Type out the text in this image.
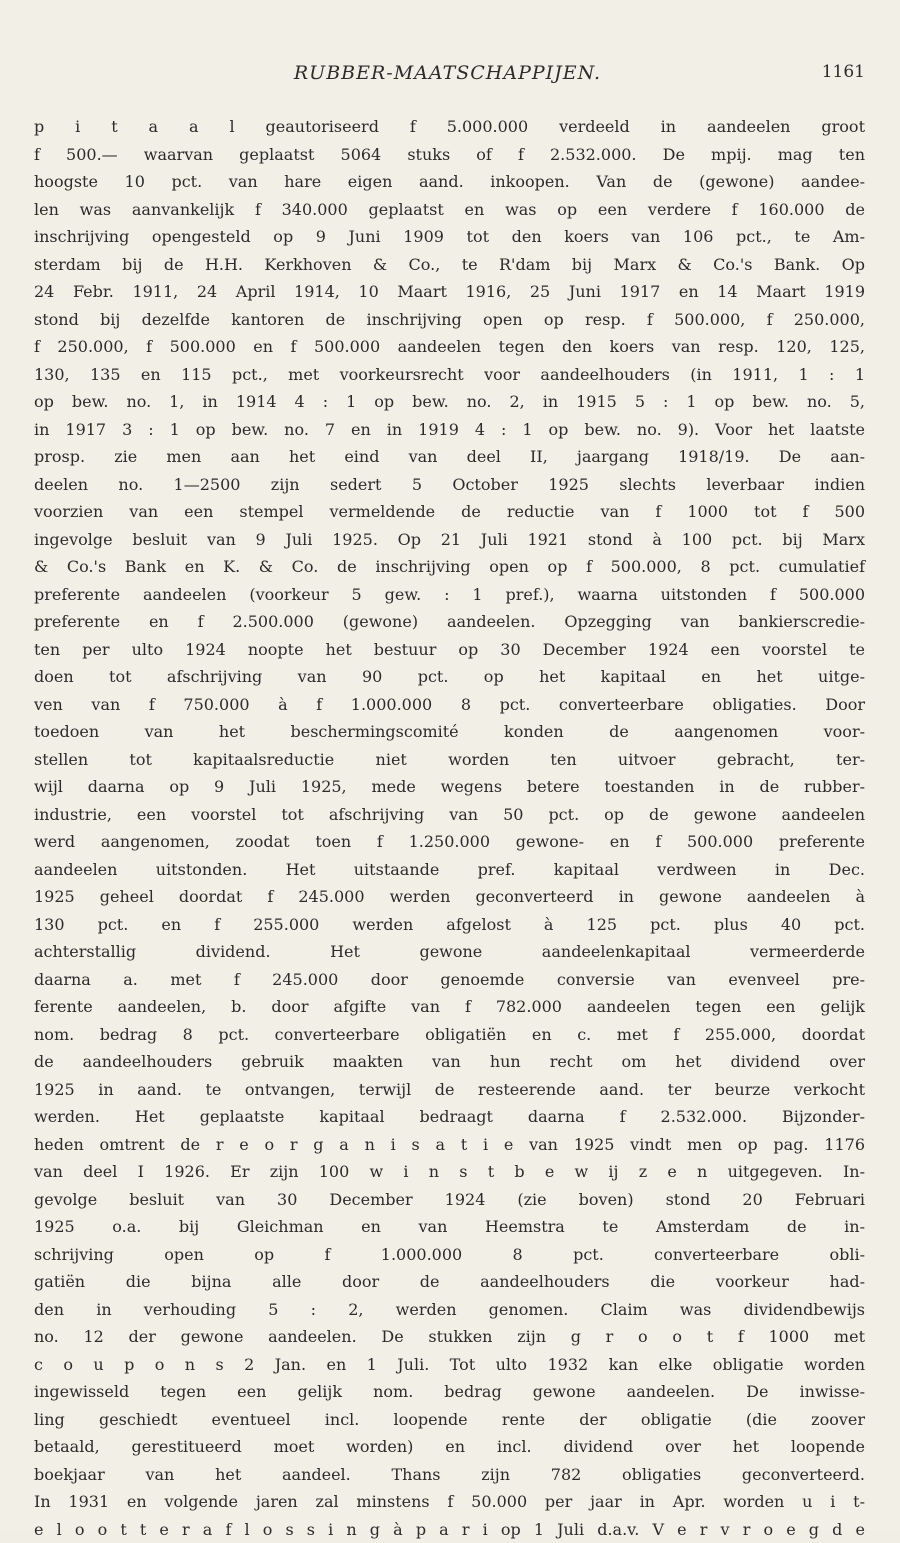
RUBBER-MAATSCHAPPIJEN.	1161
p i t a a l geautoriseerd f 5.000.000 verdeeld in aandeelen groot
f 500.— waarvan geplaatst 5064 stuks of f 2.532.000. De mpij. mag ten
hoogste 10 pct. van hare eigen aand. inkoopen. Van de (gewone) aandee-
len was aanvankelijk f 340.000 geplaatst en was op een verdere f 160.000 de
inschrijving opengesteld op 9 Juni 1909 tot den koers van 106 pct., te Am-
sterdam bij de H.H. Kerkhoven & Co., te R'dam bij Marx & Co.'s Bank. Op
24 Febr. 1911, 24 April 1914, 10 Maart 1916, 25 Juni 1917 en 14 Maart 1919
stond bij dezelfde kantoren de inschrijving open op resp. f 500.000, f 250.000,
f 250.000, f 500.000 en f 500.000 aandeelen tegen den koers van resp. 120, 125,
130, 135 en 115 pct., met voorkeursrecht voor aandeelhouders (in 1911, 1 : 1
op bew. no. 1, in 1914 4 : 1 op bew. no. 2, in 1915 5 : 1 op bew. no. 5,
in 1917 3 : 1 op bew. no. 7 en in 1919 4 : 1 op bew. no. 9). Voor het laatste
prosp. zie men aan het eind van deel II, jaargang 1918/19. De aan-
deelen no. 1—2500 zijn sedert 5 October 1925 slechts leverbaar indien
voorzien van een stempel vermeldende de reductie van f 1000 tot f 500
ingevolge besluit van 9 Juli 1925. Op 21 Juli 1921 stond à 100 pct. bij Marx
& Co.'s Bank en K. & Co. de inschrijving open op f 500.000, 8 pct. cumulatief
preferente aandeelen (voorkeur 5 gew. : 1 pref.), waarna uitstonden f 500.000
preferente en f 2.500.000 (gewone) aandeelen. Opzegging van bankierscredie-
ten per ulto 1924 noopte het bestuur op 30 December 1924 een voorstel te
doen tot afschrijving van 90 pct. op het kapitaal en het uitge-
ven van f 750.000 à f 1.000.000 8 pct. converteerbare obligaties. Door
toedoen van het beschermingscomité konden de aangenomen voor-
stellen tot kapitaalsreductie niet worden ten uitvoer gebracht, ter-
wijl daarna op 9 Juli 1925, mede wegens betere toestanden in de rubber-
industrie, een voorstel tot afschrijving van 50 pct. op de gewone aandeelen
werd aangenomen, zoodat toen f 1.250.000 gewone- en f 500.000 preferente
aandeelen uitstonden. Het uitstaande pref. kapitaal verdween in Dec.
1925 geheel doordat f 245.000 werden geconverteerd in gewone aandeelen à
130 pct. en f 255.000 werden afgelost à 125 pct. plus 40 pct.
achterstallig dividend. Het gewone aandeelenkapitaal vermeerderde
daarna a. met f 245.000 door genoemde conversie van evenveel pre-
ferente aandeelen, b. door afgifte van f 782.000 aandeelen tegen een gelijk
nom. bedrag 8 pct. converteerbare obligatiën en c. met f 255.000, doordat
de aandeelhouders gebruik maakten van hun recht om het dividend over
1925 in aand. te ontvangen, terwijl de resteerende aand. ter beurze verkocht
werden. Het geplaatste kapitaal bedraagt daarna f 2.532.000. Bijzonder-
heden omtrent de r e o r g a n i s a t i e van 1925 vindt men op pag. 1176
van deel I 1926. Er zijn 100 w i n s t b e w ij z e n uitgegeven. In-
gevolge besluit van 30 December 1924 (zie boven) stond 20 Februari
1925 o.a. bij Gleichman en van Heemstra te Amsterdam de in-
schrijving open op f 1.000.000 8 pct. converteerbare obli-
gatiën die bijna alle door de aandeelhouders die voorkeur had-
den in verhouding 5 : 2, werden genomen. Claim was dividendbewijs
no. 12 der gewone aandeelen. De stukken zijn g r o o t f 1000 met
c o u p o n s 2 Jan. en 1 Juli. Tot ulto 1932 kan elke obligatie worden
ingewisseld tegen een gelijk nom. bedrag gewone aandeelen. De inwisse-
ling geschiedt eventueel incl. loopende rente der obligatie (die zoover
betaald, gerestitueerd moet worden) en incl. dividend over het loopende
boekjaar van het aandeel. Thans zijn 782 obligaties geconverteerd.
In 1931 en volgende jaren zal minstens f 50.000 per jaar in Apr. worden u i t-
e l o o t t e r a f l o s s i n g à p a r i op 1 Juli d.a.v. V e r v r o e g d e
